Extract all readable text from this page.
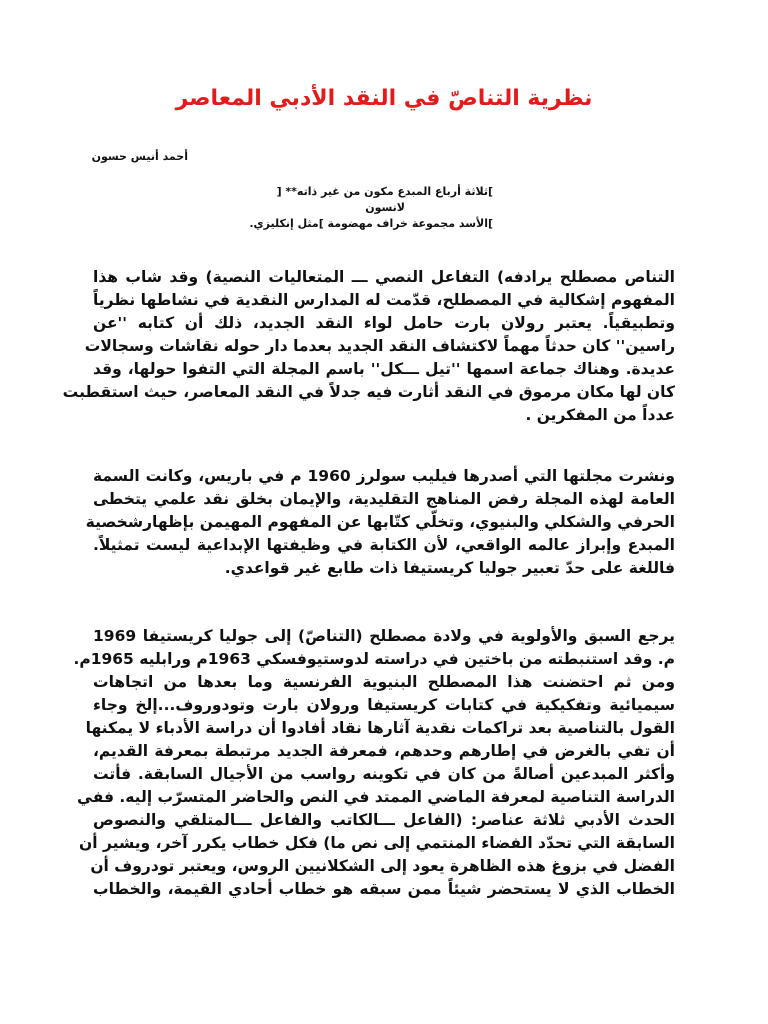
نظرية التناصّ في النقد الأدبي المعاصر
أحمد أنيس حسون
]ثلاثة أرباع المبدع مكون من غير ذاته** [
لانسون
]الأسد مجموعة خراف مهضومة ]مثل إنكليزي.
التناص مصطلح يرادفه) التفاعل النصي ـــ المتعاليات النصية) وقد شاب هذا
المفهوم إشكالية في المصطلح، قدّمت له المدارس النقدية في نشاطها نظرياً
وتطبيقياً. يعتبر رولان بارت حامل لواء النقد الجديد، ذلك أن كتابه ''عن
راسين'' كان حدثاً مهماً لاكتشاف النقد الجديد بعدما دار حوله نقاشات وسجالات
عديدة. وهناك جماعة اسمها ''تيل ـــكل'' باسم المجلة التي التفوا حولها، وقد
كان لها مكان مرموق في النقد أثارت فيه جدلاً في النقد المعاصر، حيث استقطبت
عدداً من المفكرين .
ونشرت مجلتها التي أصدرها فيليب سولرز 1960 م في باريس، وكانت السمة
العامة لهذه المجلة رفض المناهج التقليدية، والإيمان بخلق نقد علمي يتخطى
الحرفي والشكلي والبنيوي، وتخلّي كتّابها عن المفهوم المهيمن بإظهارشخصية
المبدع وإبراز عالمه الواقعي، لأن الكتابة في وظيفتها الإبداعية ليست تمثيلاً.
فاللغة على حدّ تعبير جوليا كريستيفا ذات طابع غير قواعدي.
يرجع السبق والأولوية في ولادة مصطلح (التناصّ) إلى جوليا كريستيفا 1969
م. وقد استنبطته من باختين في دراسته لدوستيوفسكي 1963م ورابليه 1965م.
ومن ثم احتضنت هذا المصطلح البنيوية الفرنسية وما بعدها من اتجاهات
سيميائية وتفكيكية في كتابات كريستيفا ورولان بارت وتودوروف...إلخ وجاء
القول بالتناصية بعد تراكمات نقدية آثارها نقاد أفادوا أن دراسة الأدباء لا يمكنها
أن تفي بالغرض في إطارهم وحدهم، فمعرفة الجديد مرتبطة بمعرفة القديم،
وأكثر المبدعين أصالةً من كان في تكوينه رواسب من الأجيال السابقة. فأتت
الدراسة التناصية لمعرفة الماضي الممتد في النص والحاضر المتسرّب إليه. ففي
الحدث الأدبي ثلاثة عناصر: (الفاعل ـــالكاتب والفاعل ـــالمتلقي والنصوص
السابقة التي تحدّد الفضاء المنتمي إلى نص ما) فكل خطاب يكرر آخر، ويشير أن
الفضل في بزوغ هذه الظاهرة يعود إلى الشكلانيين الروس، ويعتبر تودروف أن
الخطاب الذي لا يستحضر شيئاً ممن سبقه هو خطاب أحادي القيمة، والخطاب
